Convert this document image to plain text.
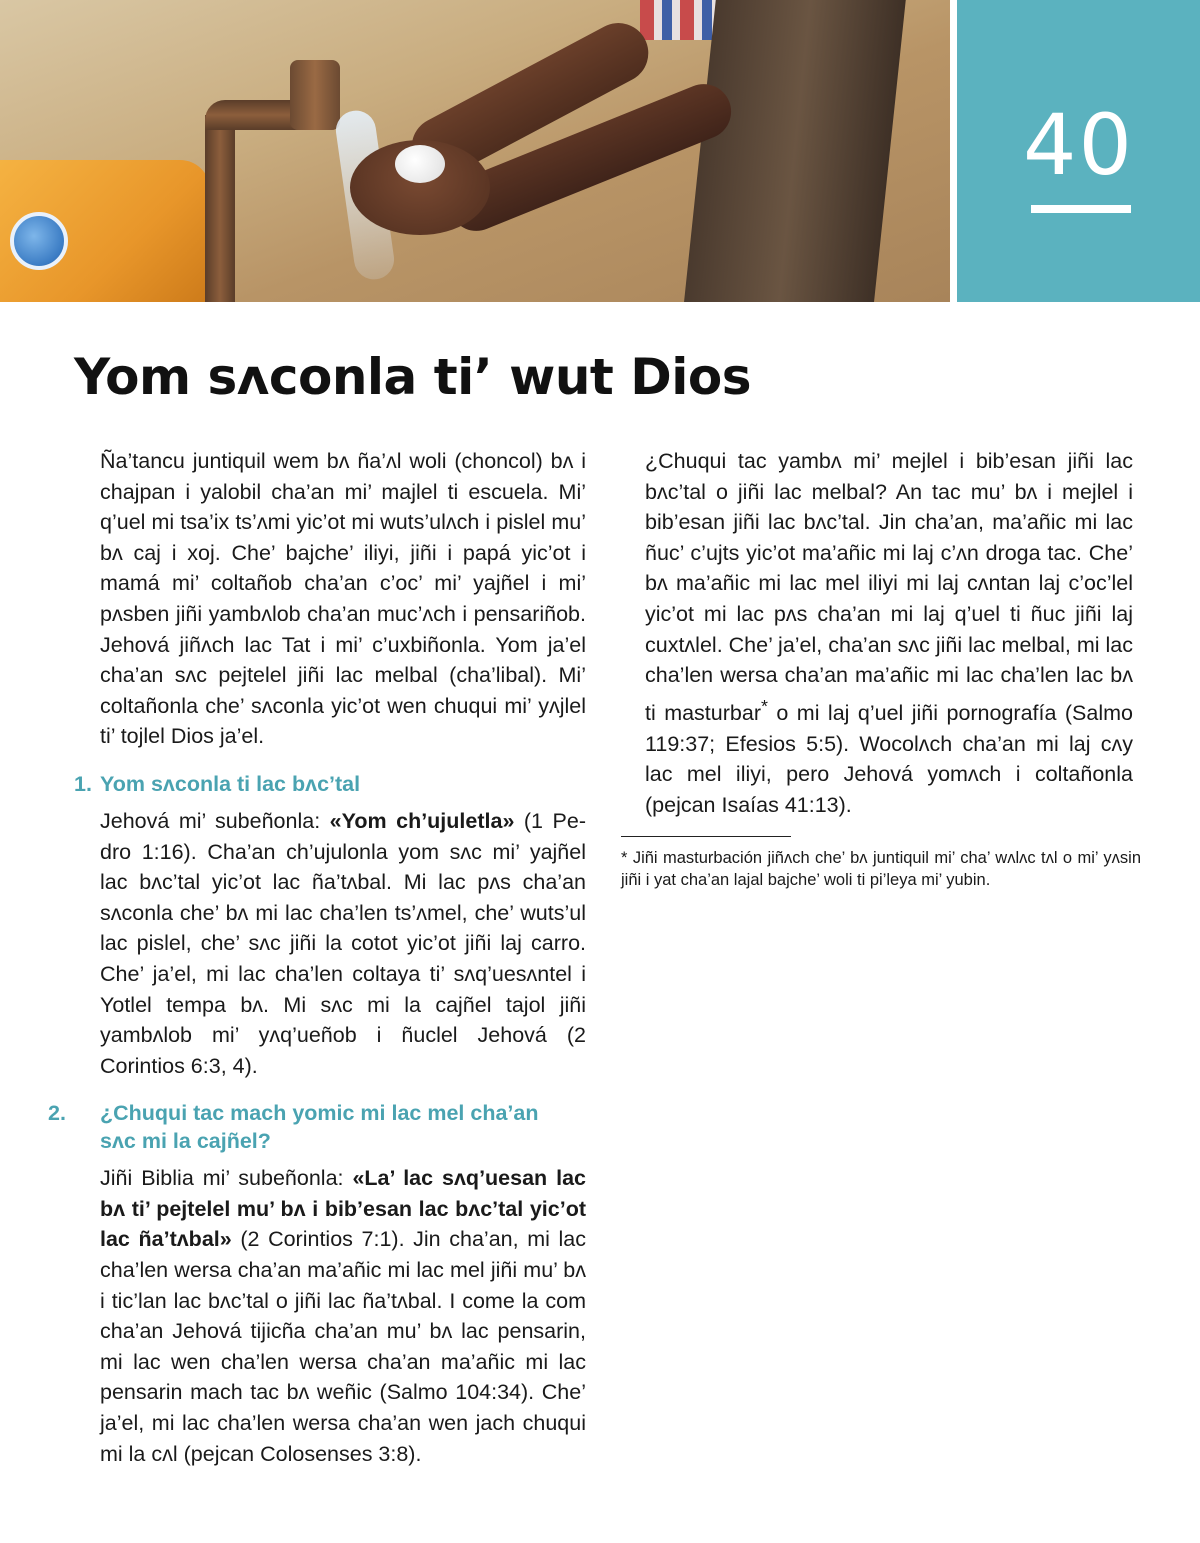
40
Yom sʌconla ti’ wut Dios

Ña’tancu juntiquil wem bʌ ña’ʌl woli (choncol) bʌ i chajpan i yalobil cha’an mi’ majlel ti escuela. Mi’ q’uel mi tsa’ix ts’ʌmi yic’ot mi wuts’ulʌch i pislel mu’ bʌ caj i xoj. Che’ bajche’ iliyi, jiñi i papá yic’ot i mamá mi’ coltañob cha’an c’oc’ mi’ yajñel i mi’ pʌsben jiñi yambʌlob cha’an muc’ʌch i pensariñob. Jehová jiñʌch lac Tat i mi’ c’uxbiñonla. Yom ja’el cha’an sʌc pejtelel jiñi lac melbal (cha’libal). Mi’ coltañonla che’ sʌconla yic’ot wen chuqui mi’ yʌjlel ti’ tojlel Dios ja’el.

1. Yom sʌconla ti lac bʌc’tal

Jehová mi’ subeñonla: «Yom ch’ujuletla» (1 Pedro 1:16). Cha’an ch’ujulonla yom sʌc mi’ yajñel lac bʌc’tal yic’ot lac ña’tʌbal. Mi lac pʌs cha’an sʌconla che’ bʌ mi lac cha’len ts’ʌmel, che’ wuts’ul lac pislel, che’ sʌc jiñi la cotot yic’ot jiñi laj carro. Che’ ja’el, mi lac cha’len coltaya ti’ sʌq’uesʌntel i Yotlel tempa bʌ. Mi sʌc mi la cajñel tajol jiñi yambʌlob mi’ yʌq’ueñob i ñuclel Jehová (2 Corintios 6:3, 4).

2. ¿Chuqui tac mach yomic mi lac mel cha’an sʌc mi la cajñel?

Jiñi Biblia mi’ subeñonla: «La’ lac sʌq’uesan lac bʌ ti’ pejtelel mu’ bʌ i bib’esan lac bʌc’tal yic’ot lac ña’tʌbal» (2 Corintios 7:1). Jin cha’an, mi lac cha’len wersa cha’an ma’añic mi lac mel jiñi mu’ bʌ i tic’lan lac bʌc’tal o jiñi lac ña’tʌbal. I come la com cha’an Jehová tijicña cha’an mu’ bʌ lac pensarin, mi lac wen cha’len wersa cha’an ma’añic mi lac pensarin mach tac bʌ weñic (Salmo 104:34). Che’ ja’el, mi lac cha’len wersa cha’an wen jach chuqui mi la cʌl (pejcan Colosenses 3:8).

¿Chuqui tac yambʌ mi’ mejlel i bib’esan jiñi lac bʌc’tal o jiñi lac melbal? An tac mu’ bʌ i mejlel i bib’esan jiñi lac bʌc’tal. Jin cha’an, ma’añic mi lac ñuc’ c’ujts yic’ot ma’añic mi laj c’ʌn droga tac. Che’ bʌ ma’añic mi lac mel iliyi mi laj cʌntan laj c’oc’lel yic’ot mi lac pʌs cha’an mi laj q’uel ti ñuc jiñi laj cuxtʌlel. Che’ ja’el, cha’an sʌc jiñi lac melbal, mi lac cha’len wersa cha’an ma’añic mi lac cha’len lac bʌ ti masturbar* o mi laj q’uel jiñi pornografía (Salmo 119:37; Efesios 5:5). Wocolʌch cha’an mi laj cʌy lac mel iliyi, pero Jehová yomʌch i coltañonla (pejcan Isaías 41:13).

* Jiñi masturbación jiñʌch che’ bʌ juntiquil mi’ cha’ wʌlʌc tʌl o mi’ yʌsin jiñi i yat cha’an lajal bajche’ woli ti pi’leya mi’ yubin.
